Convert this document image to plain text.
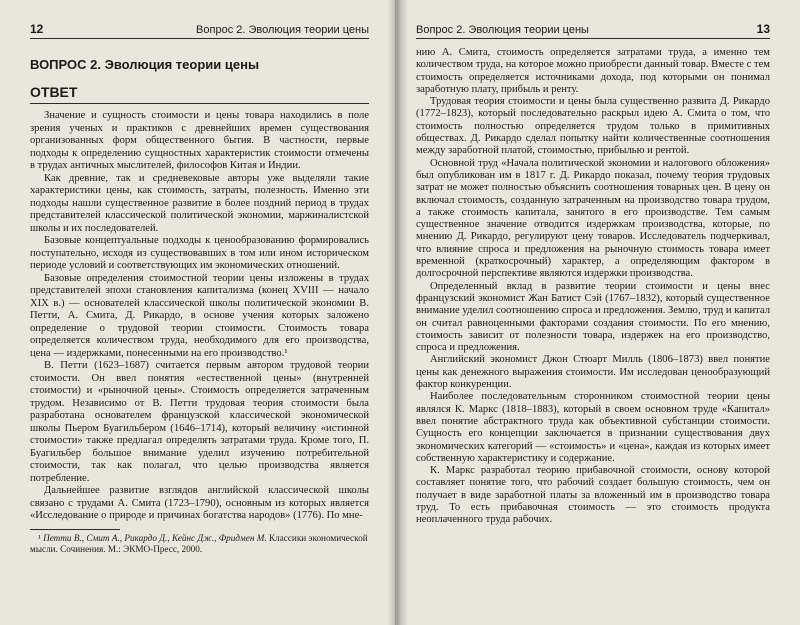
12	Вопрос 2. Эволюция теории цены
ВОПРОС 2. Эволюция теории цены
ОТВЕТ

Значение и сущность стоимости и цены товара находились в поле зрения ученых и практиков с древнейших времен существования организованных форм общественного бытия. В частности, первые подходы к определению сущностных характеристик стоимости отмечены в трудах античных мыслителей, философов Китая и Индии.

Как древние, так и средневековые авторы уже выделяли такие характеристики цены, как стоимость, затраты, полезность. Именно эти подходы нашли существенное развитие в более поздний период в трудах представителей классической политической экономии, маржиналистской школы и их последователей.

Базовые концептуальные подходы к ценообразованию формировались поступательно, исходя из существовавших в том или ином историческом периоде условий и соответствующих им экономических отношений.

Базовые определения стоимостной теории цены изложены в трудах представителей эпохи становления капитализма (конец XVIII — начало XIX в.) — основателей классической школы политической экономии В. Петти, А. Смита, Д. Рикардо, в основе учения которых заложено определение о трудовой теории стоимости. Стоимость товара определяется количеством труда, необходимого для его производства, цена — издержками, понесенными на его производство.¹

В. Петти (1623–1687) считается первым автором трудовой теории стоимости. Он ввел понятия «естественной цены» (внутренней стоимости) и «рыночной цены». Стоимость определяется затраченным трудом. Независимо от В. Петти трудовая теория стоимости была разработана основателем французской классической экономической школы Пьером Буагильбером (1646–1714), который величину «истинной стоимости» также предлагал определять затратами труда. Кроме того, П. Буагильбер большое внимание уделил изучению потребительной стоимости, так как полагал, что целью производства является потребление.

Дальнейшее развитие взглядов английской классической школы связано с трудами А. Смита (1723–1790), основным из которых является «Исследование о природе и причинах богатства народов» (1776). По мне-

¹ Петти В., Смит А., Рикардо Д., Кейнс Дж., Фридмен М. Классики экономической мысли. Сочинения. М.: ЭКМО-Пресс, 2000.

Вопрос 2. Эволюция теории цены	13

нию А. Смита, стоимость определяется затратами труда, а именно тем количеством труда, на которое можно приобрести данный товар. Вместе с тем стоимость определяется источниками дохода, под которыми он понимал заработную плату, прибыль и ренту.

Трудовая теория стоимости и цены была существенно развита Д. Рикардо (1772–1823), который последовательно раскрыл идею А. Смита о том, что стоимость полностью определяется трудом только в примитивных обществах. Д. Рикардо сделал попытку найти количественные соотношения между заработной платой, стоимостью, прибылью и рентой.

Основной труд «Начала политической экономии и налогового обложения» был опубликован им в 1817 г. Д. Рикардо показал, почему теория трудовых затрат не может полностью объяснить соотношения товарных цен. В цену он включал стоимость, созданную затраченным на производство товара трудом, а также стоимость капитала, занятого в его производстве. Тем самым существенное значение отводится издержкам производства, которые, по мнению Д. Рикардо, регулируют цену товаров. Исследователь подчеркивал, что влияние спроса и предложения на рыночную стоимость товара имеет временной (краткосрочный) характер, а определяющим фактором в долгосрочной перспективе являются издержки производства.

Определенный вклад в развитие теории стоимости и цены внес французский экономист Жан Батист Сэй (1767–1832), который существенное внимание уделил соотношению спроса и предложения. Землю, труд и капитал он считал равноценными факторами создания стоимости. По его мнению, стоимость зависит от полезности товара, издержек на его производство, спроса и предложения.

Английский экономист Джон Стюарт Милль (1806–1873) ввел понятие цены как денежного выражения стоимости. Им исследован ценообразующий фактор конкуренции.

Наиболее последовательным сторонником стоимостной теории цены являлся К. Маркс (1818–1883), который в своем основном труде «Капитал» ввел понятие абстрактного труда как объективной субстанции стоимости. Сущность его концепции заключается в признании существования двух экономических категорий — «стоимость» и «цена», каждая из которых имеет собственную характеристику и содержание.

К. Маркс разработал теорию прибавочной стоимости, основу которой составляет понятие того, что рабочий создает большую стоимость, чем он получает в виде заработной платы за вложенный им в производство товара труд. То есть прибавочная стоимость — это стоимость продукта неоплаченного труда рабочих.
